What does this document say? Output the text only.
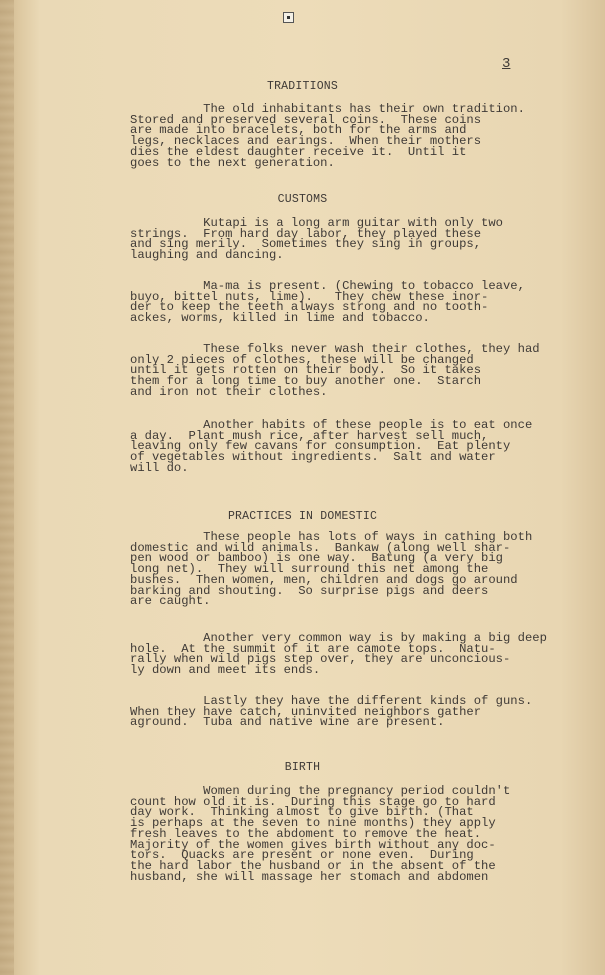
3
TRADITIONS

The old inhabitants has their own tradition.
Stored and preserved several coins.  These coins
are made into bracelets, both for the arms and
legs, necklaces and earings.  When their mothers
dies the eldest daughter receive it.  Until it
goes to the next generation.

CUSTOMS

Kutapi is a long arm guitar with only two
strings.  From hard day labor, they played these
and sing merily.  Sometimes they sing in groups,
laughing and dancing.

Ma-ma is present. (Chewing to tobacco leave,
buyo, bittel nuts, lime).   They chew these inor-
der to keep the teeth always strong and no tooth-
ackes, worms, killed in lime and tobacco.

These folks never wash their clothes, they had
only 2 pieces of clothes, these will be changed
until it gets rotten on their body.  So it takes
them for a long time to buy another one.  Starch
and iron not their clothes.

Another habits of these people is to eat once
a day.  Plant mush rice, after harvest sell much,
leaving only few cavans for consumption.  Eat plenty
of vegetables without ingredients.  Salt and water
will do.

PRACTICES IN DOMESTIC

These people has lots of ways in cathing both
domestic and wild animals.  Bankaw (along well shar-
pen wood or bamboo) is one way.  Batung (a very big
long net).  They will surround this net among the
bushes.  Then women, men, children and dogs go around
barking and shouting.  So surprise pigs and deers
are caught.

Another very common way is by making a big deep
hole.  At the summit of it are camote tops.  Natu-
rally when wild pigs step over, they are unconcious-
ly down and meet its ends.

Lastly they have the different kinds of guns.
When they have catch, uninvited neighbors gather
aground.  Tuba and native wine are present.

BIRTH

Women during the pregnancy period couldn't
count how old it is.  During this stage go to hard
day work.  Thinking almost to give birth. (That
is perhaps at the seven to nine months) they apply
fresh leaves to the abdoment to remove the heat.
Majority of the women gives birth without any doc-
tors.  Quacks are present or none even.  During
the hard labor the husband or in the absent of the
husband, she will massage her stomach and abdomen
